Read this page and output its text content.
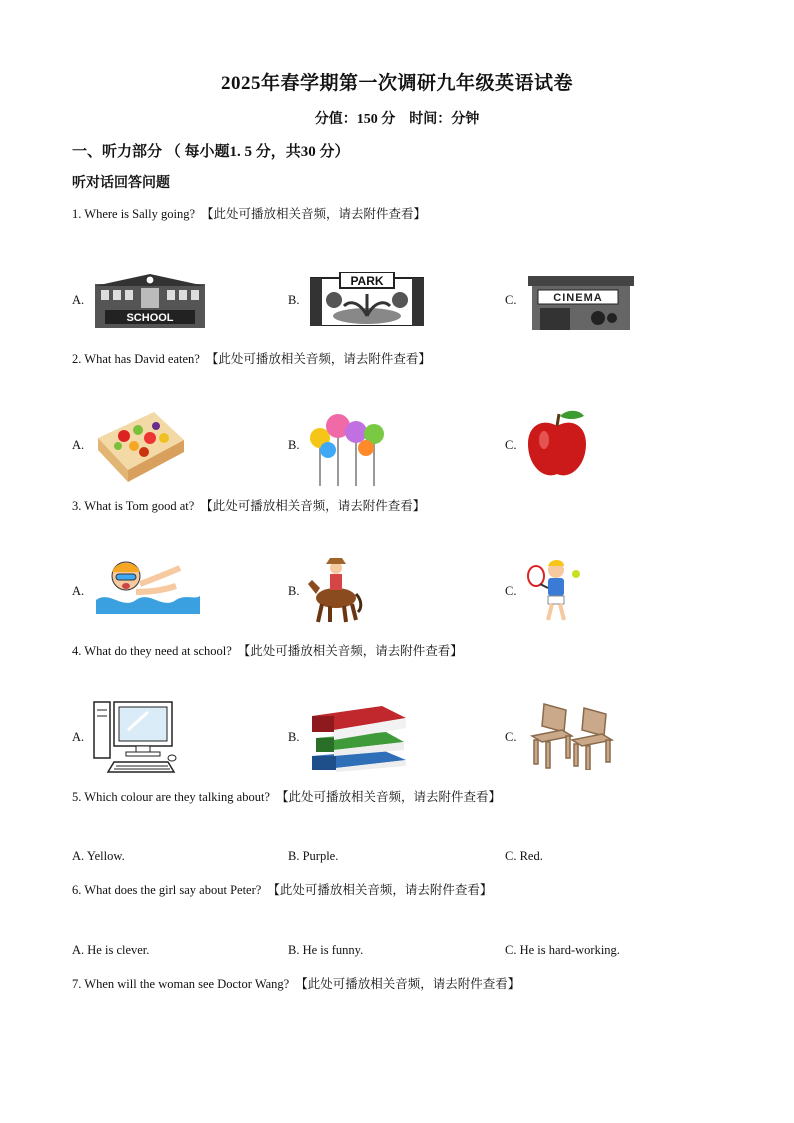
2025年春学期第一次调研九年级英语试卷
分值：150 分 时间：分钟
一、听力部分 （ 每小题1. 5 分，共30 分）
听对话回答问题
1. Where is Sally going? 【此处可播放相关音频，请去附件查看】
A.
SCHOOL
B.
PARK
C.	CINEMA
2. What has David eaten? 【此处可播放相关音频，请去附件查看】
A.	B.	C.
3. What is Tom good at? 【此处可播放相关音频，请去附件查看】
A.	B.	C.
4. What do they need at school? 【此处可播放相关音频，请去附件查看】
A.	B.	C.
5. Which colour are they talking about? 【此处可播放相关音频，请去附件查看】
A. Yellow.	B. Purple.	C. Red.
6. What does the girl say about Peter? 【此处可播放相关音频，请去附件查看】
A. He is clever.	B. He is funny.	C. He is hard-working.
7. When will the woman see Doctor Wang? 【此处可播放相关音频，请去附件查看】
